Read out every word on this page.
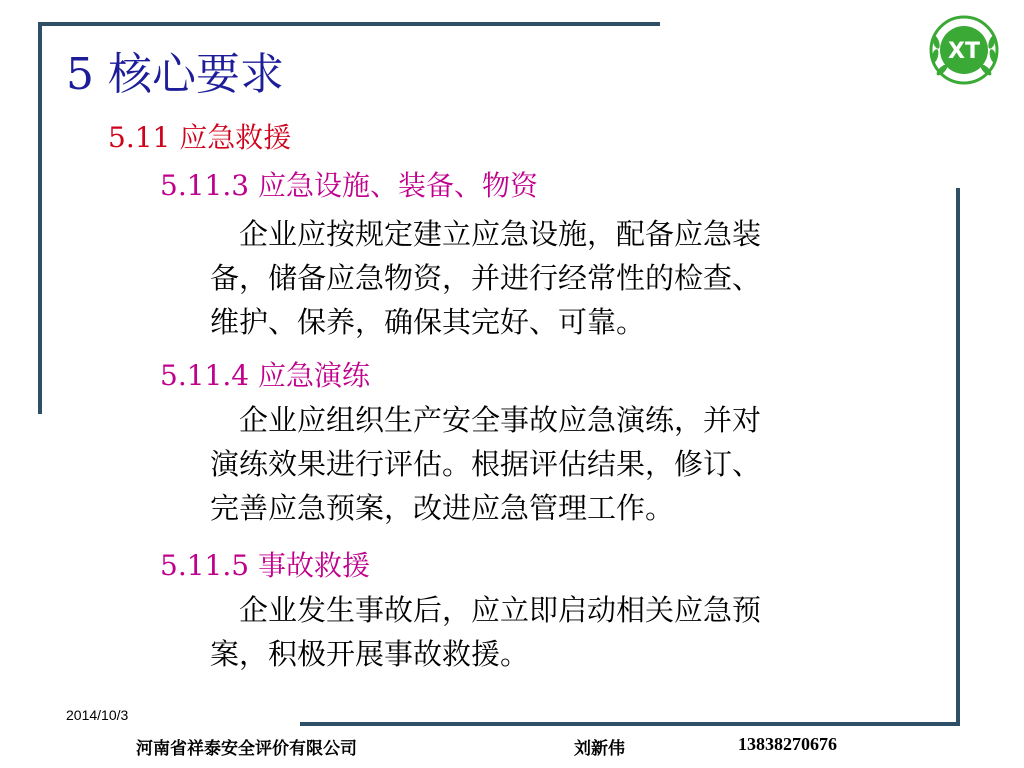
5 核心要求	XT
5.11 应急救援
5.11.3 应急设施、装备、物资
　企业应按规定建立应急设施，配备应急装
备，储备应急物资，并进行经常性的检查、
维护、保养，确保其完好、可靠。
5.11.4 应急演练
　企业应组织生产安全事故应急演练，并对
演练效果进行评估。根据评估结果，修订、
完善应急预案，改进应急管理工作。
5.11.5 事故救援
　企业发生事故后，应立即启动相关应急预
案，积极开展事故救援。
2014/10/3
河南省祥泰安全评价有限公司	刘新伟	13838270676
